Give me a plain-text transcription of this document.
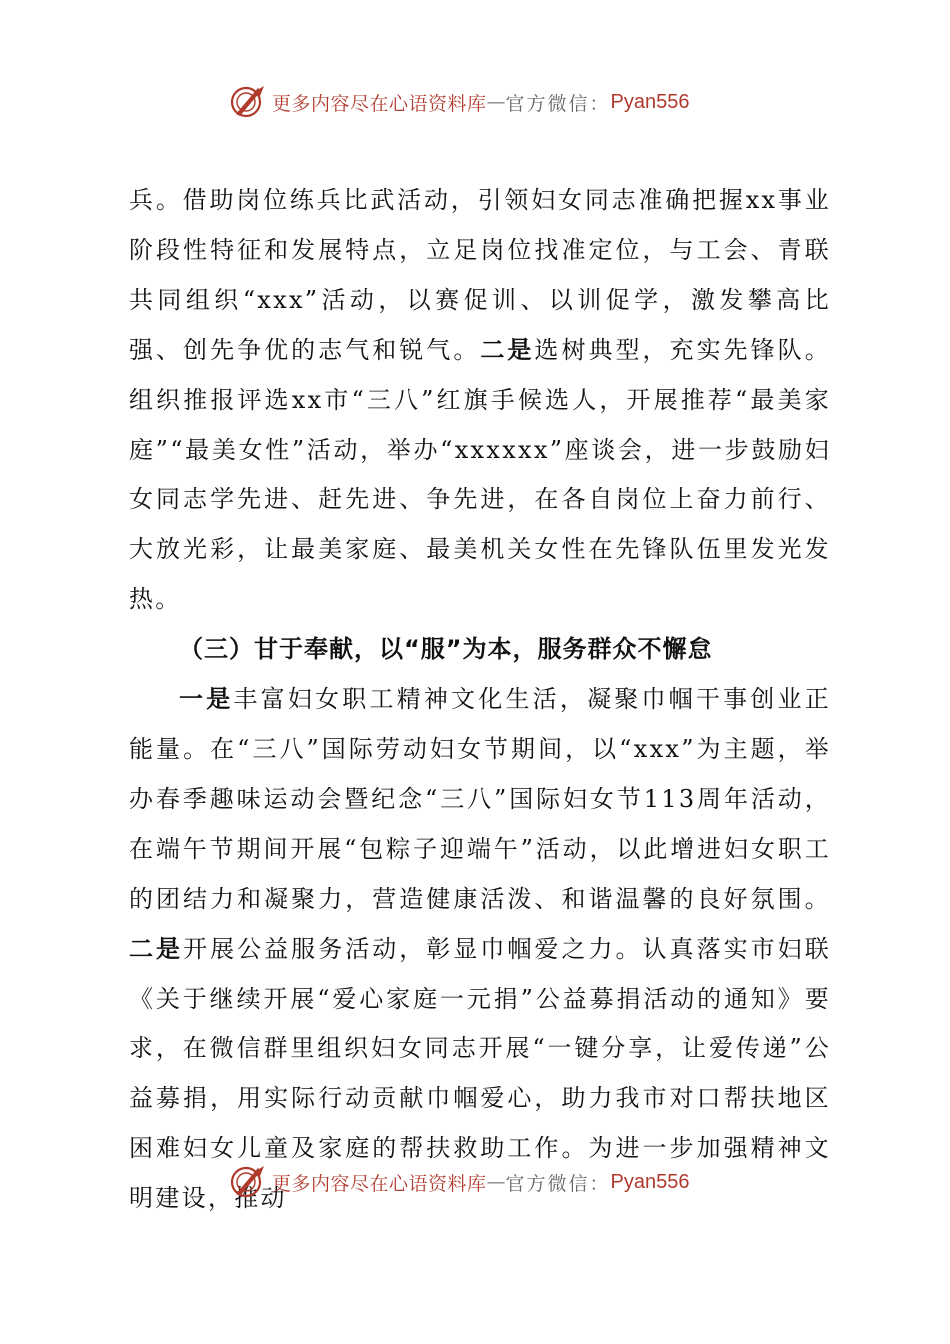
更多内容尽在心语资料库 — 官方微信： Pyan556

兵。借助岗位练兵比武活动，引领妇女同志准确把握xx事业阶段性特征和发展特点，立足岗位找准定位，与工会、青联共同组织“xxx”活动，以赛促训、以训促学，激发攀高比强、创先争优的志气和锐气。二是选树典型，充实先锋队。组织推报评选xx市“三八”红旗手候选人，开展推荐“最美家庭”“最美女性”活动，举办“xxxxxx”座谈会，进一步鼓励妇女同志学先进、赶先进、争先进，在各自岗位上奋力前行、大放光彩，让最美家庭、最美机关女性在先锋队伍里发光发热。

（三）甘于奉献，以“服”为本，服务群众不懈怠

一是丰富妇女职工精神文化生活，凝聚巾帼干事创业正能量。在“三八”国际劳动妇女节期间，以“xxx”为主题，举办春季趣味运动会暨纪念“三八”国际妇女节113周年活动，在端午节期间开展“包粽子迎端午”活动，以此增进妇女职工的团结力和凝聚力，营造健康活泼、和谐温馨的良好氛围。二是开展公益服务活动，彰显巾帼爱之力。认真落实市妇联《关于继续开展“爱心家庭一元捐”公益募捐活动的通知》要求，在微信群里组织妇女同志开展“一键分享，让爱传递”公益募捐，用实际行动贡献巾帼爱心，助力我市对口帮扶地区困难妇女儿童及家庭的帮扶救助工作。为进一步加强精神文明建设，推动

更多内容尽在心语资料库 — 官方微信： Pyan556
